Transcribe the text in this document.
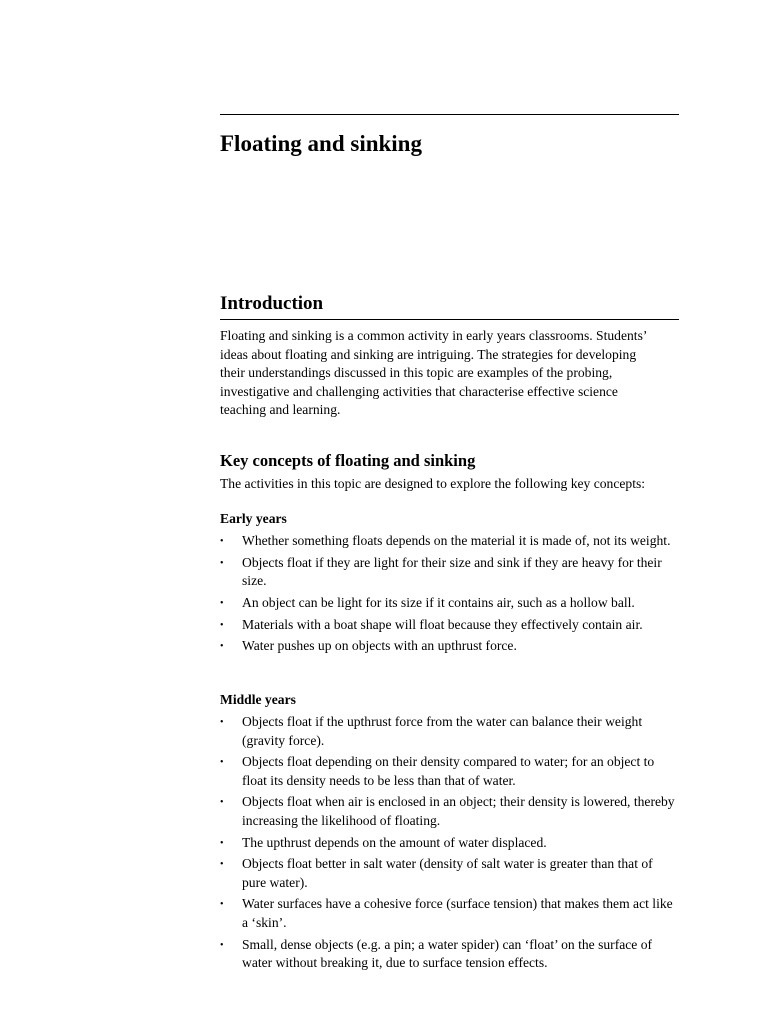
Floating and sinking
Introduction

Floating and sinking is a common activity in early years classrooms. Students’ ideas about floating and sinking are intriguing. The strategies for developing their understandings discussed in this topic are examples of the probing, investigative and challenging activities that characterise effective science teaching and learning.

Key concepts of floating and sinking

The activities in this topic are designed to explore the following key concepts:

Early years
• Whether something floats depends on the material it is made of, not its weight.
• Objects float if they are light for their size and sink if they are heavy for their size.
• An object can be light for its size if it contains air, such as a hollow ball.
• Materials with a boat shape will float because they effectively contain air.
• Water pushes up on objects with an upthrust force.
Middle years
• Objects float if the upthrust force from the water can balance their weight (gravity force).
• Objects float depending on their density compared to water; for an object to float its density needs to be less than that of water.
• Objects float when air is enclosed in an object; their density is lowered, thereby increasing the likelihood of floating.
• The upthrust depends on the amount of water displaced.
• Objects float better in salt water (density of salt water is greater than that of pure water).
• Water surfaces have a cohesive force (surface tension) that makes them act like a ‘skin’.
• Small, dense objects (e.g. a pin; a water spider) can ‘float’ on the surface of water without breaking it, due to surface tension effects.
